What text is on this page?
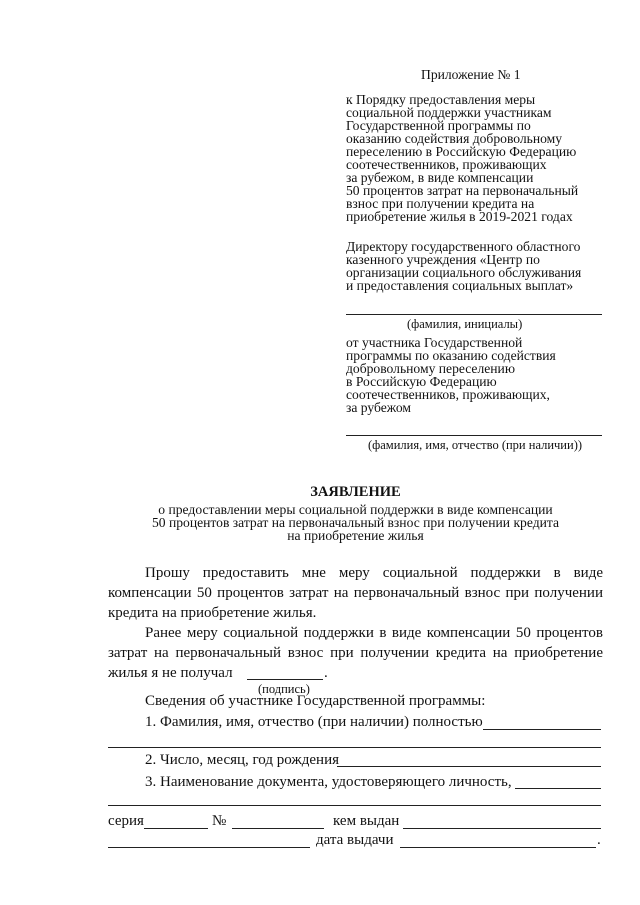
Приложение № 1
к Порядку предоставления меры
социальной поддержки участникам
Государственной программы по
оказанию содействия добровольному
переселению в Российскую Федерацию
соотечественников, проживающих
за рубежом, в виде компенсации
50 процентов затрат на первоначальный
взнос при получении кредита на
приобретение жилья в 2019-2021 годах
Директору государственного областного
казенного учреждения «Центр по
организации социального обслуживания
и предоставления социальных выплат»
(фамилия, инициалы)
от участника Государственной
программы по оказанию содействия
добровольному переселению
в Российскую Федерацию
соотечественников, проживающих,
за рубежом
(фамилия, имя, отчество (при наличии))
ЗАЯВЛЕНИЕ
о предоставлении меры социальной поддержки в виде компенсации
50 процентов затрат на первоначальный взнос при получении кредита
на приобретение жилья
Прошу предоставить мне меру социальной поддержки в виде
компенсации 50 процентов затрат на первоначальный взнос при получении
кредита на приобретение жилья.
Ранее меру социальной поддержки в виде компенсации 50 процентов
затрат на первоначальный взнос при получении кредита на приобретение
жилья я не получал	.
(подпись)
Сведения об участнике Государственной программы:
1. Фамилия, имя, отчество (при наличии) полностью
2. Число, месяц, год рождения
3. Наименование документа, удостоверяющего личность,
серия	№	кем выдан
дата выдачи	.
